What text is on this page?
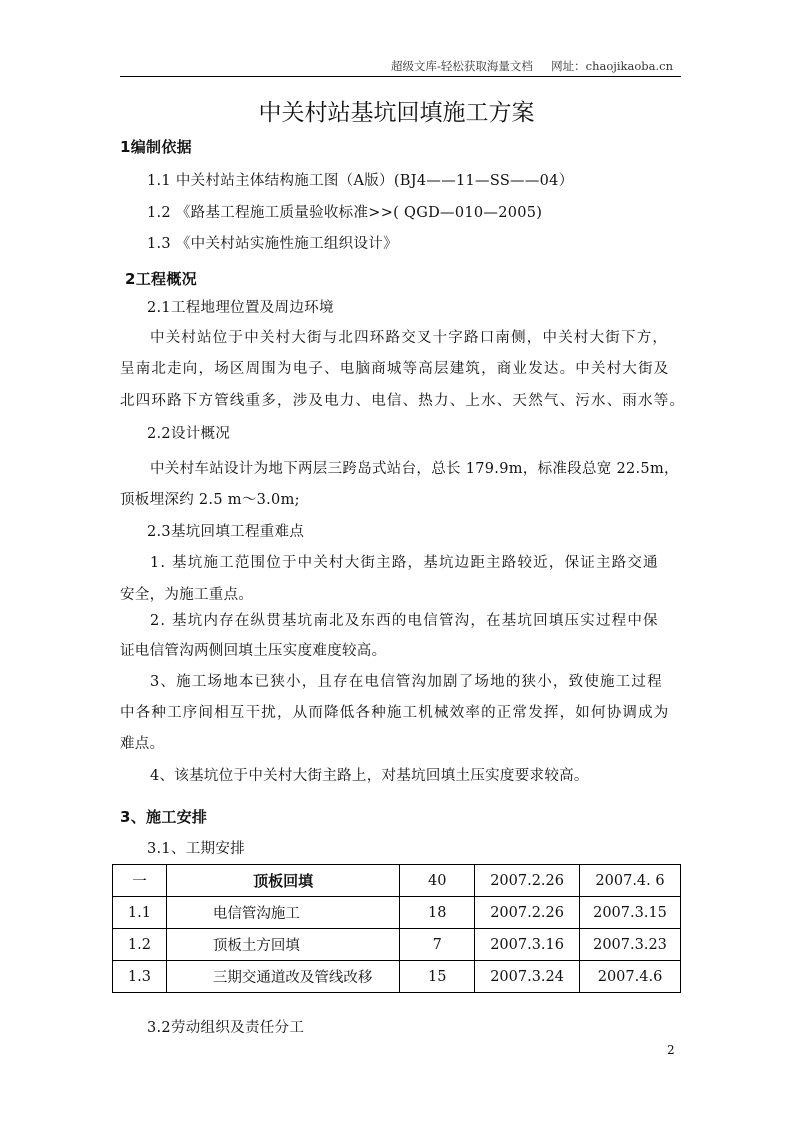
超级文库-轻松获取海量文档     网址：chaojikaoba.cn
中关村站基坑回填施工方案
1编制依据
1.1 中关村站主体结构施工图（A版）(BJ4——11—SS——04）
1.2 《路基工程施工质量验收标准>>( QGD—010—2005)
1.3 《中关村站实施性施工组织设计》
2工程概况
2.1工程地理位置及周边环境
中关村站位于中关村大街与北四环路交叉十字路口南侧，中关村大街下方，
呈南北走向，场区周围为电子、电脑商城等高层建筑，商业发达。中关村大街及
北四环路下方管线重多，涉及电力、电信、热力、上水、天然气、污水、雨水等。
2.2设计概况
中关村车站设计为地下两层三跨岛式站台，总长 179.9m，标准段总宽 22.5m，
顶板埋深约 2.5 m～3.0m;
2.3基坑回填工程重难点
1. 基坑施工范围位于中关村大街主路，基坑边距主路较近，保证主路交通
安全，为施工重点。
2. 基坑内存在纵贯基坑南北及东西的电信管沟，在基坑回填压实过程中保
证电信管沟两侧回填土压实度难度较高。
3、施工场地本已狭小，且存在电信管沟加剧了场地的狭小，致使施工过程
中各种工序间相互干扰，从而降低各种施工机械效率的正常发挥，如何协调成为
难点。
4、该基坑位于中关村大街主路上，对基坑回填土压实度要求较高。
3、施工安排
3.1、工期安排
一	顶板回填	40	2007.2.26	2007.4. 6
1.1	电信管沟施工	18	2007.2.26	2007.3.15
1.2	顶板土方回填	7	2007.3.16	2007.3.23
1.3	三期交通道改及管线改移	15	2007.3.24	2007.4.6
3.2劳动组织及责任分工
2
